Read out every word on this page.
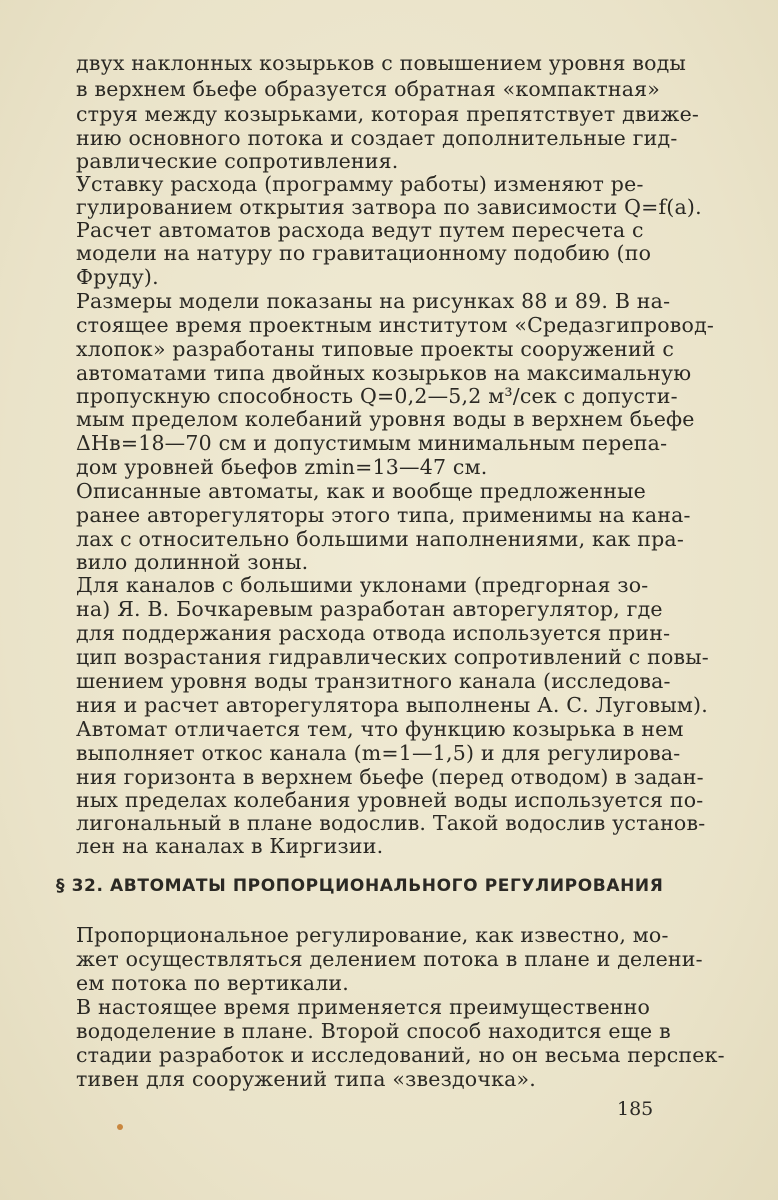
двух наклонных козырьков с повышением уровня воды
в верхнем бьефе образуется обратная «компактная»
струя между козырьками, которая препятствует движе-
нию основного потока и создает дополнительные гид-
равлические сопротивления.
Уставку расхода (программу работы) изменяют ре-
гулированием открытия затвора по зависимости Q=f(a).
Расчет автоматов расхода ведут путем пересчета с
модели на натуру по гравитационному подобию (по
Фруду).
Размеры модели показаны на рисунках 88 и 89. В на-
стоящее время проектным институтом «Средазгипровод-
хлопок» разработаны типовые проекты сооружений с
автоматами типа двойных козырьков на максимальную
пропускную способность Q=0,2—5,2 м³/сек с допусти-
мым пределом колебаний уровня воды в верхнем бьефе
ΔHв=18—70 см и допустимым минимальным перепа-
дом уровней бьефов zmin=13—47 см.
Описанные автоматы, как и вообще предложенные
ранее авторегуляторы этого типа, применимы на кана-
лах с относительно большими наполнениями, как пра-
вило долинной зоны.
Для каналов с большими уклонами (предгорная зо-
на) Я. В. Бочкаревым разработан авторегулятор, где
для поддержания расхода отвода используется прин-
цип возрастания гидравлических сопротивлений с повы-
шением уровня воды транзитного канала (исследова-
ния и расчет авторегулятора выполнены А. С. Луговым).
Автомат отличается тем, что функцию козырька в нем
выполняет откос канала (m=1—1,5) и для регулирова-
ния горизонта в верхнем бьефе (перед отводом) в задан-
ных пределах колебания уровней воды используется по-
лигональный в плане водослив. Такой водослив установ-
лен на каналах в Киргизии.
§ 32. АВТОМАТЫ ПРОПОРЦИОНАЛЬНОГО РЕГУЛИРОВАНИЯ
Пропорциональное регулирование, как известно, мо-
жет осуществляться делением потока в плане и делени-
ем потока по вертикали.
В настоящее время применяется преимущественно
вододеление в плане. Второй способ находится еще в
стадии разработок и исследований, но он весьма перспек-
тивен для сооружений типа «звездочка».
185
